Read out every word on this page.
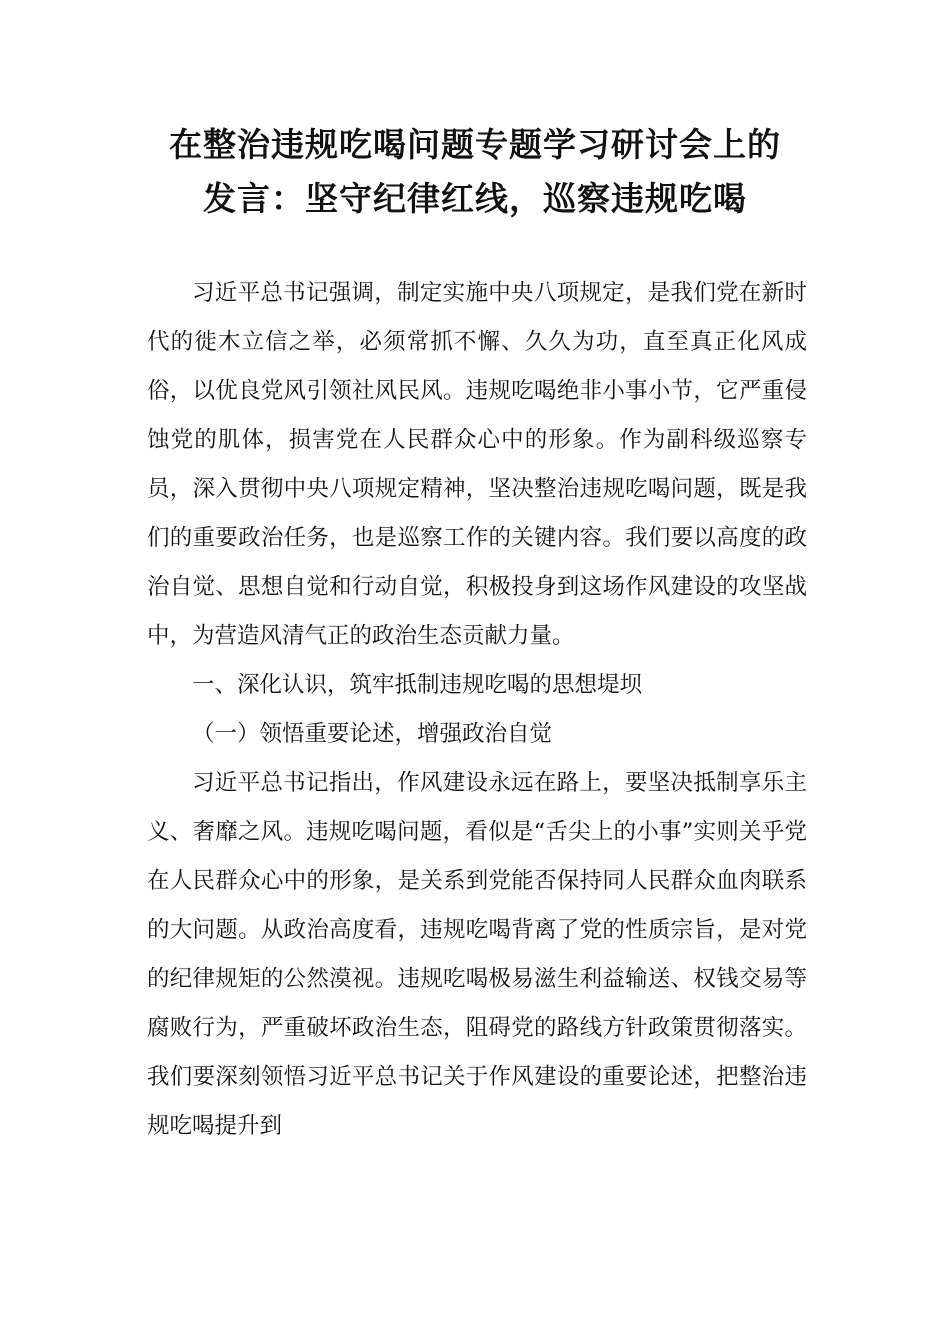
在整治违规吃喝问题专题学习研讨会上的
发言：坚守纪律红线，巡察违规吃喝

习近平总书记强调，制定实施中央八项规定，是我们党在新时代的徙木立信之举，必须常抓不懈、久久为功，直至真正化风成俗，以优良党风引领社风民风。违规吃喝绝非小事小节，它严重侵蚀党的肌体，损害党在人民群众心中的形象。作为副科级巡察专员，深入贯彻中央八项规定精神，坚决整治违规吃喝问题，既是我们的重要政治任务，也是巡察工作的关键内容。我们要以高度的政治自觉、思想自觉和行动自觉，积极投身到这场作风建设的攻坚战中，为营造风清气正的政治生态贡献力量。

一、深化认识，筑牢抵制违规吃喝的思想堤坝

（一）领悟重要论述，增强政治自觉

习近平总书记指出，作风建设永远在路上，要坚决抵制享乐主义、奢靡之风。违规吃喝问题，看似是“舌尖上的小事”实则关乎党在人民群众心中的形象，是关系到党能否保持同人民群众血肉联系的大问题。从政治高度看，违规吃喝背离了党的性质宗旨，是对党的纪律规矩的公然漠视。违规吃喝极易滋生利益输送、权钱交易等腐败行为，严重破坏政治生态，阻碍党的路线方针政策贯彻落实。我们要深刻领悟习近平总书记关于作风建设的重要论述，把整治违规吃喝提升到
